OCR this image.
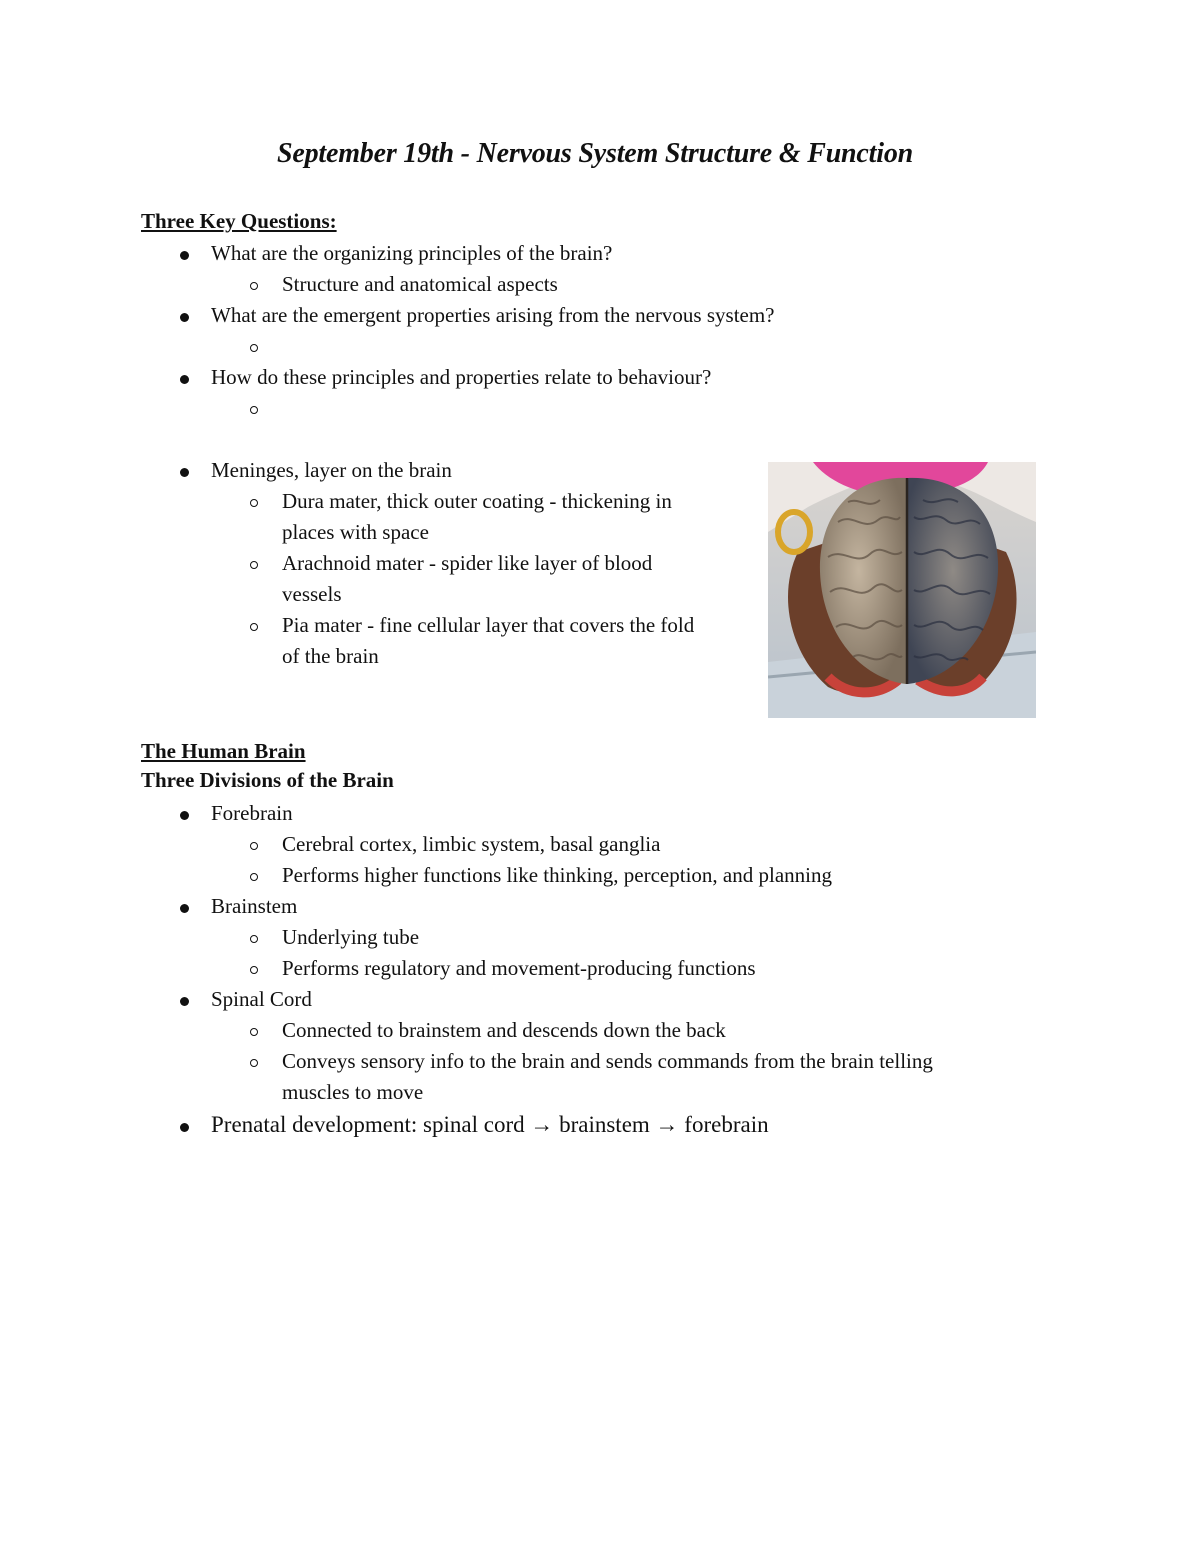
September 19th - Nervous System Structure & Function
Three Key Questions:
What are the organizing principles of the brain?
Structure and anatomical aspects
What are the emergent properties arising from the nervous system?
How do these principles and properties relate to behaviour?
Meninges, layer on the brain
Dura mater, thick outer coating - thickening in
places with space
Arachnoid mater - spider like layer of blood
vessels
Pia mater - fine cellular layer that covers the fold
of the brain
The Human Brain
Three Divisions of the Brain
Forebrain
Cerebral cortex, limbic system, basal ganglia
Performs higher functions like thinking, perception, and planning
Brainstem
Underlying tube
Performs regulatory and movement-producing functions
Spinal Cord
Connected to brainstem and descends down the back
Conveys sensory info to the brain and sends commands from the brain telling
muscles to move
Prenatal development: spinal cord → brainstem → forebrain
